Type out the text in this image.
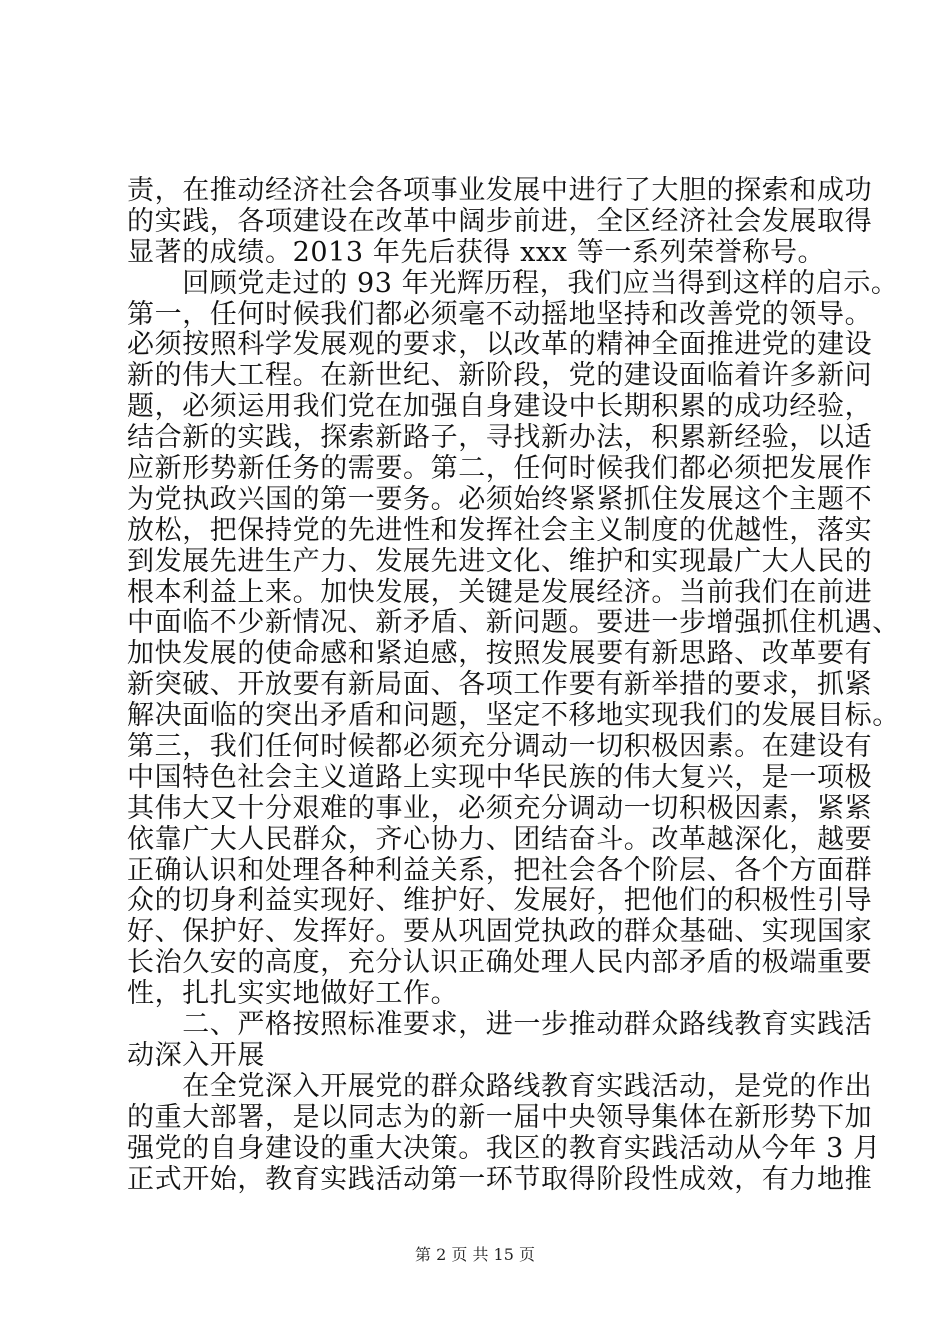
责，在推动经济社会各项事业发展中进行了大胆的探索和成功
的实践，各项建设在改革中阔步前进，全区经济社会发展取得
显著的成绩。2013 年先后获得 xxx 等一系列荣誉称号。
　　回顾党走过的 93 年光辉历程，我们应当得到这样的启示。
第一，任何时候我们都必须毫不动摇地坚持和改善党的领导。
必须按照科学发展观的要求，以改革的精神全面推进党的建设
新的伟大工程。在新世纪、新阶段，党的建设面临着许多新问
题，必须运用我们党在加强自身建设中长期积累的成功经验，
结合新的实践，探索新路子，寻找新办法，积累新经验，以适
应新形势新任务的需要。第二，任何时候我们都必须把发展作
为党执政兴国的第一要务。必须始终紧紧抓住发展这个主题不
放松，把保持党的先进性和发挥社会主义制度的优越性，落实
到发展先进生产力、发展先进文化、维护和实现最广大人民的
根本利益上来。加快发展，关键是发展经济。当前我们在前进
中面临不少新情况、新矛盾、新问题。要进一步增强抓住机遇、
加快发展的使命感和紧迫感，按照发展要有新思路、改革要有
新突破、开放要有新局面、各项工作要有新举措的要求，抓紧
解决面临的突出矛盾和问题，坚定不移地实现我们的发展目标。
第三，我们任何时候都必须充分调动一切积极因素。在建设有
中国特色社会主义道路上实现中华民族的伟大复兴，是一项极
其伟大又十分艰难的事业，必须充分调动一切积极因素，紧紧
依靠广大人民群众，齐心协力、团结奋斗。改革越深化，越要
正确认识和处理各种利益关系，把社会各个阶层、各个方面群
众的切身利益实现好、维护好、发展好，把他们的积极性引导
好、保护好、发挥好。要从巩固党执政的群众基础、实现国家
长治久安的高度，充分认识正确处理人民内部矛盾的极端重要
性，扎扎实实地做好工作。
　　二、严格按照标准要求，进一步推动群众路线教育实践活
动深入开展
　　在全党深入开展党的群众路线教育实践活动，是党的作出
的重大部署，是以同志为的新一届中央领导集体在新形势下加
强党的自身建设的重大决策。我区的教育实践活动从今年 3 月
正式开始，教育实践活动第一环节取得阶段性成效，有力地推
第 2 页 共 15 页
